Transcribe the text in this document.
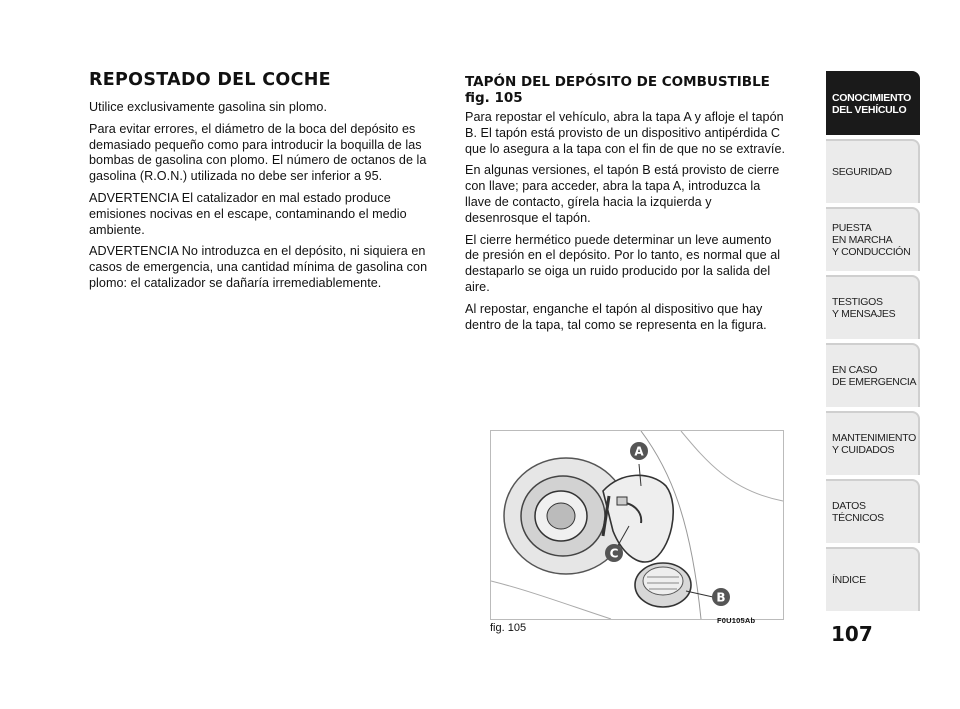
REPOSTADO DEL COCHE

Utilice exclusivamente gasolina sin plomo.

Para evitar errores, el diámetro de la boca del depósito es demasiado pequeño como para introducir la boquilla de las bombas de gasolina con plomo. El número de octanos de la gasolina (R.O.N.) utilizada no debe ser inferior a 95.

ADVERTENCIA El catalizador en mal estado produce emisiones nocivas en el escape, contaminando el medio ambiente.

ADVERTENCIA No introduzca en el depósito, ni siquiera en casos de emergencia, una cantidad mínima de gasolina con plomo: el catalizador se dañaría irremediablemente.

TAPÓN DEL DEPÓSITO DE COMBUSTIBLE fig. 105

Para repostar el vehículo, abra la tapa A y afloje el tapón B. El tapón está provisto de un dispositivo antipérdida C que lo asegura a la tapa con el fin de que no se extravíe.

En algunas versiones, el tapón B está provisto de cierre con llave; para acceder, abra la tapa A, introduzca la llave de contacto, gírela hacia la izquierda y desenrosque el tapón.

El cierre hermético puede determinar un leve aumento de presión en el depósito. Por lo tanto, es normal que al destaparlo se oiga un ruido producido por la salida del aire.

Al repostar, enganche el tapón al dispositivo que hay dentro de la tapa, tal como se representa en la figura.

A
C
B
fig. 105
F0U105Ab
107
CONOCIMIENTO
DEL VEHÍCULO
SEGURIDAD
PUESTA
EN MARCHA
Y CONDUCCIÓN
TESTIGOS
Y MENSAJES
EN CASO
DE EMERGENCIA
MANTENIMIENTO
Y CUIDADOS
DATOS TÉCNICOS
ÍNDICE
